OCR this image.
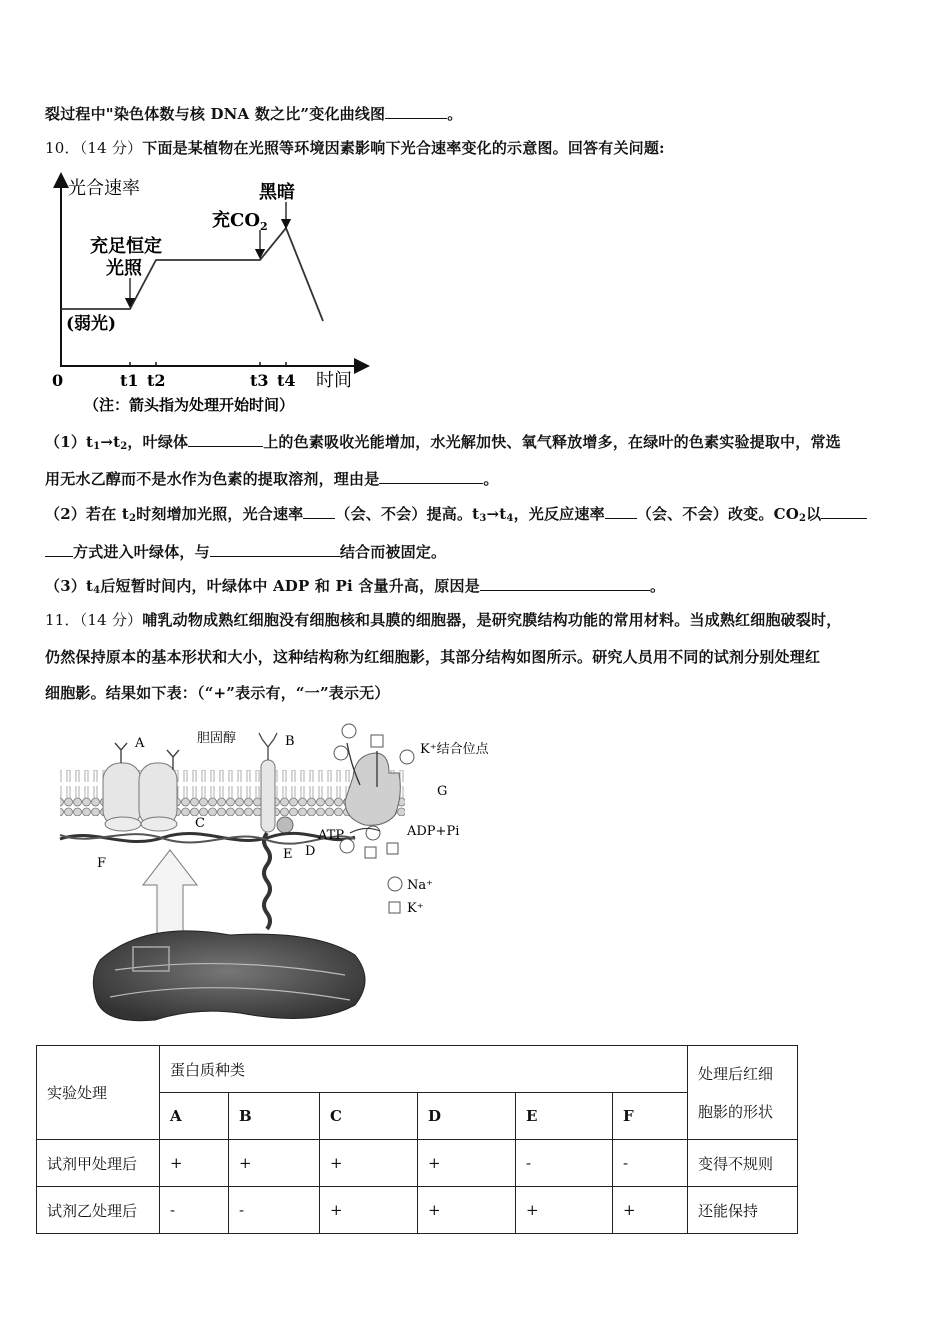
裂过程中"染色体数与核 DNA 数之比”变化曲线图	。
10．（14 分）下面是某植物在光照等环境因素影响下光合速率变化的示意图。回答有关问题:
光合速率
时间
0	t1 t2	t3 t4
(弱光)
充足恒定
光照
充$CO_2$
黑暗
（注：箭头指为处理开始时间）
$(1)t_1\to t_2$，叶绿体	上的色素吸收光能增加，水光解加快、氧气释放增多，在绿叶的色素实验提取中，常选
用无水乙醇而不是水作为色素的提取溶剂，理由是	。
（2）若在 $t_2$时刻增加光照，光合速率 （会、不会）提高。$t_3\to t_4$，光反应速率 （会、不会）改变。$CO_2$以
方式进入叶绿体，与	结合而被固定。
$(3)t_4$后短暂时间内，叶绿体中 ADP 和 Pi 含量升高，原因是	。
11．（14 分）哺乳动物成熟红细胞没有细胞核和具膜的细胞器，是研究膜结构功能的常用材料。当成熟红细胞破裂时，
仍然保持原本的基本形状和大小，这种结构称为红细胞影，其部分结构如图所示。研究人员用不同的试剂分别处理红
细胞影。结果如下表：（“+”表示有，“一”表示无）
Na⁺
K⁺
A	胆固醇	B
C
D
E
F
G
K⁺结合位点
ATP	ADP+Pi
实验处理	蛋白质种类						处理后红细
胞影的形状
	A	B	C	D	E	F	
试剂甲处理后	+	+	+	+	-	-	变得不规则
试剂乙处理后	-	-	+	+	+	+	还能保持
